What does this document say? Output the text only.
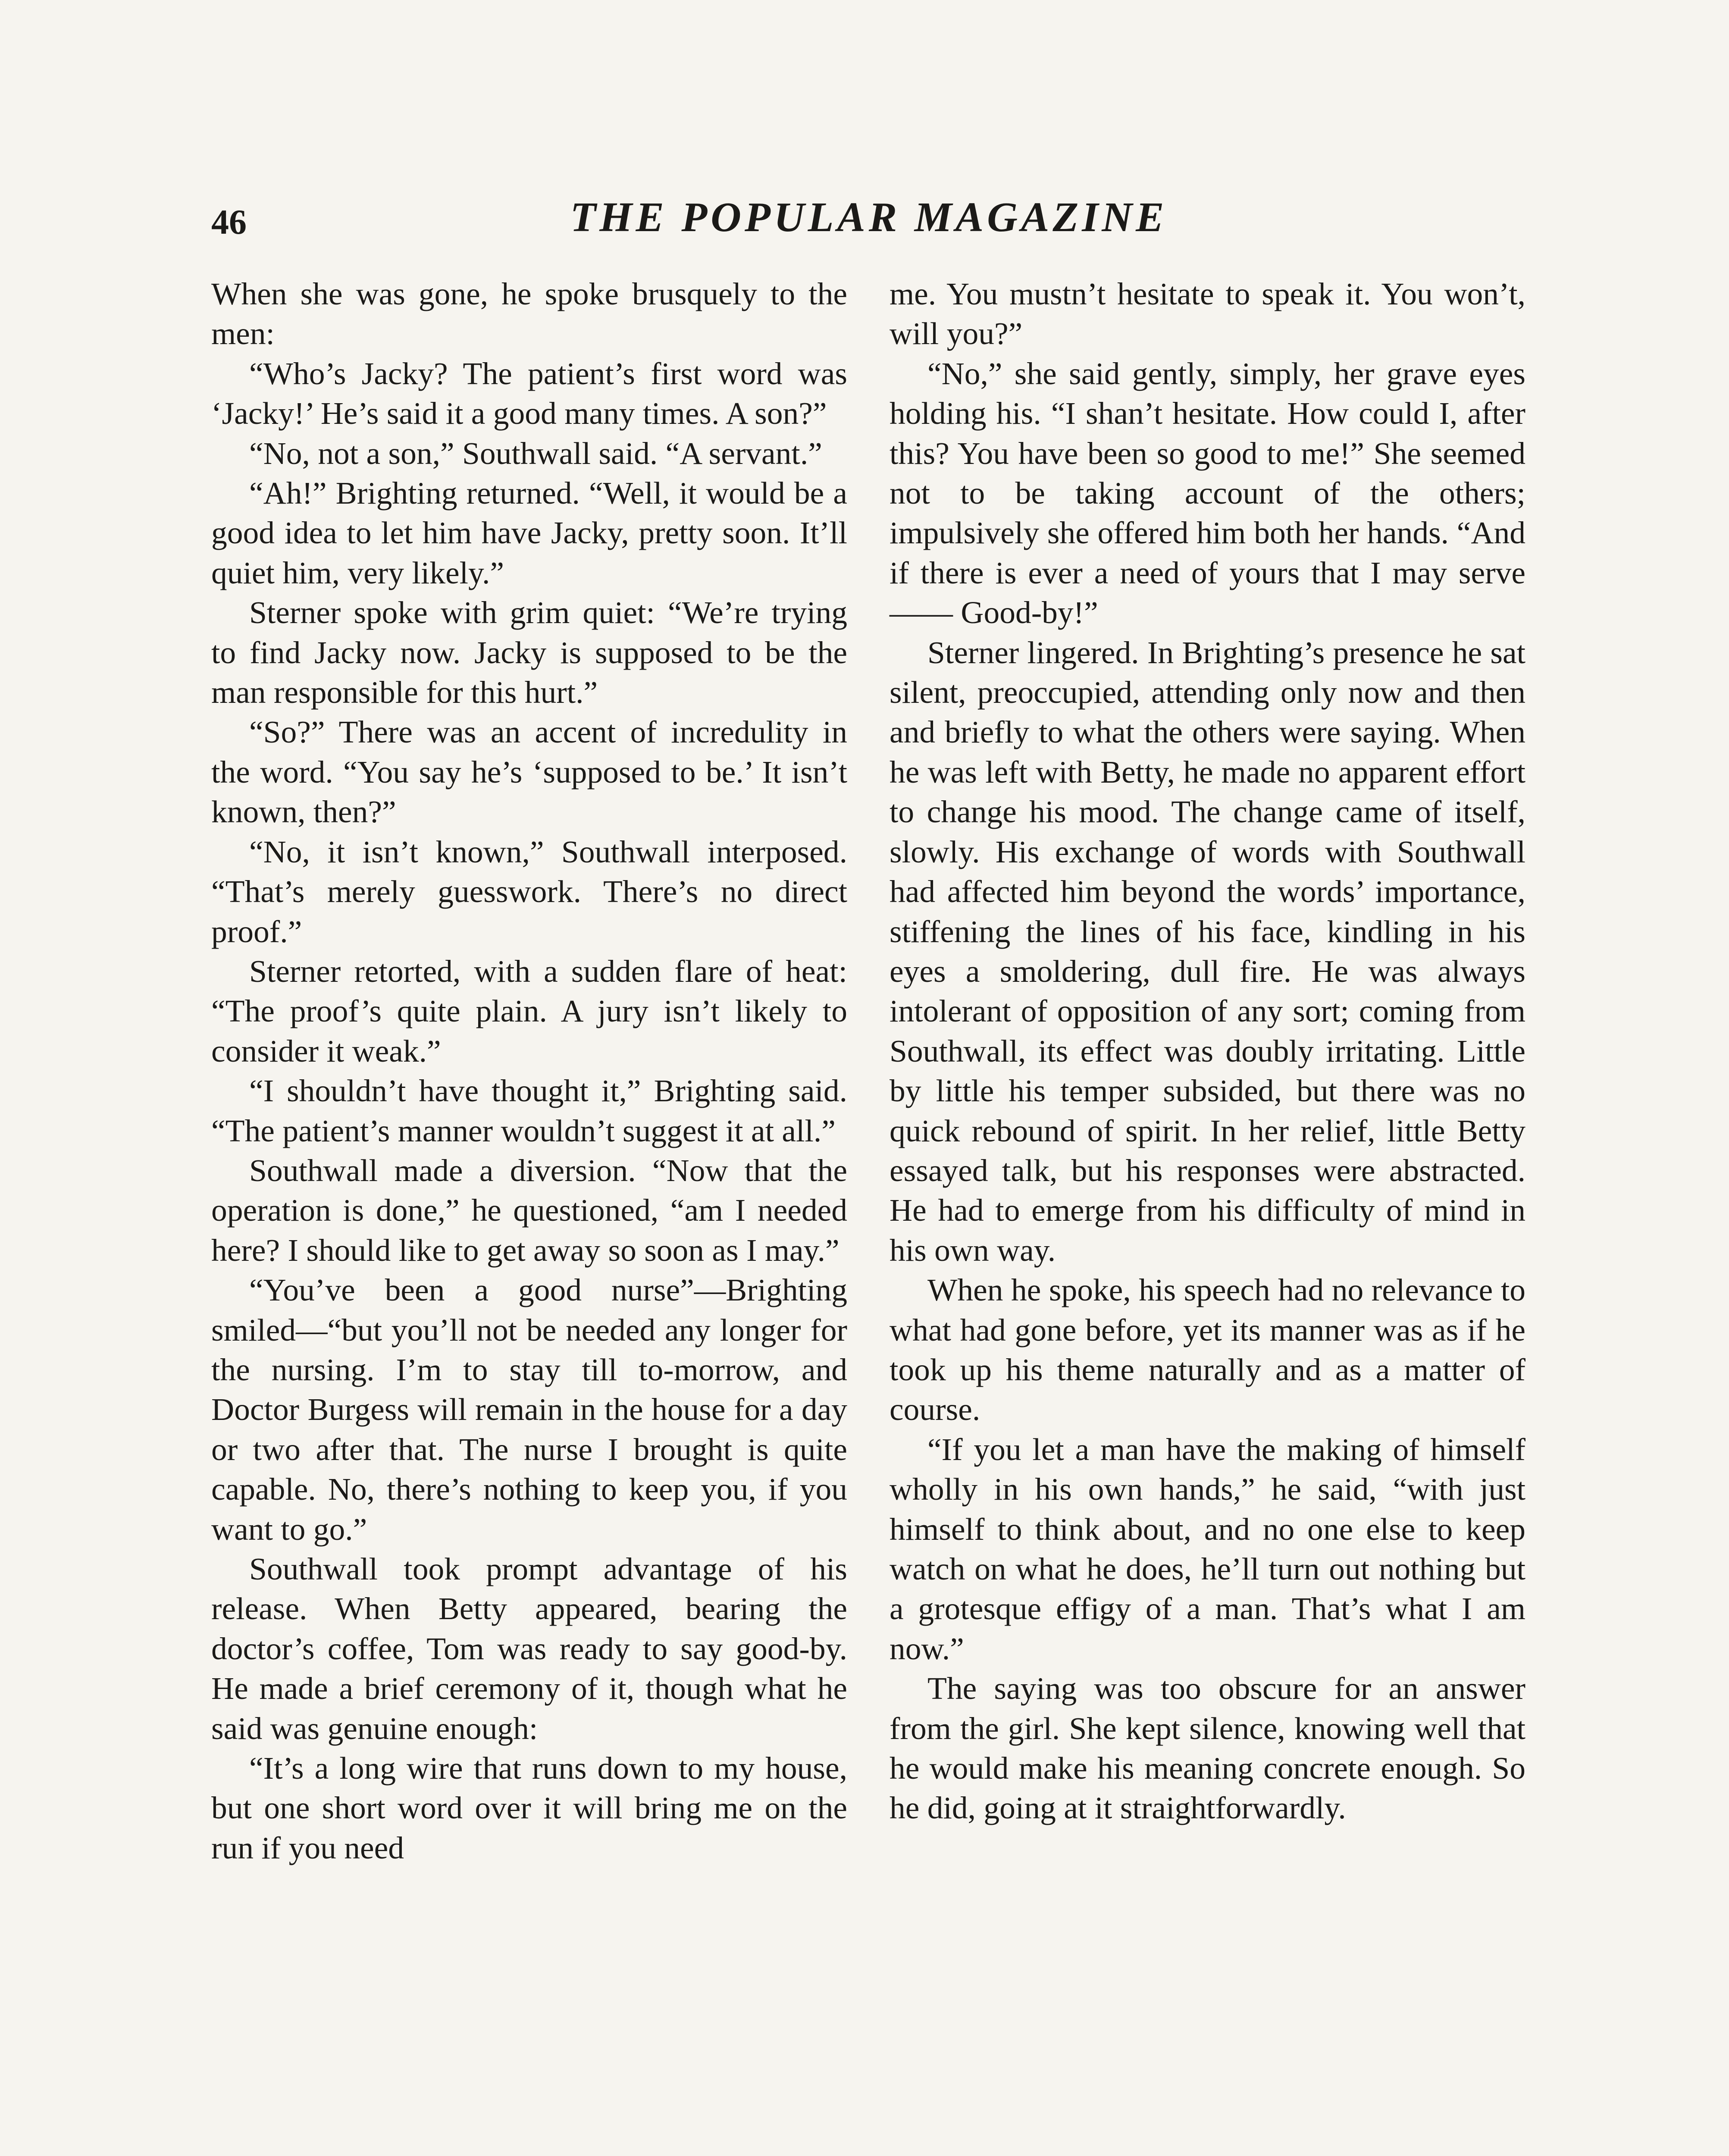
46	THE POPULAR MAGAZINE

When she was gone, he spoke brusquely to the men:

“Who’s Jacky? The patient’s first word was ‘Jacky!’ He’s said it a good many times. A son?”

“No, not a son,” Southwall said. “A servant.”

“Ah!” Brighting returned. “Well, it would be a good idea to let him have Jacky, pretty soon. It’ll quiet him, very likely.”

Sterner spoke with grim quiet: “We’re trying to find Jacky now. Jacky is supposed to be the man responsible for this hurt.”

“So?” There was an accent of incredulity in the word. “You say he’s ‘supposed to be.’ It isn’t known, then?”

“No, it isn’t known,” Southwall interposed. “That’s merely guesswork. There’s no direct proof.”

Sterner retorted, with a sudden flare of heat: “The proof’s quite plain. A jury isn’t likely to consider it weak.”

“I shouldn’t have thought it,” Brighting said. “The patient’s manner wouldn’t suggest it at all.”

Southwall made a diversion. “Now that the operation is done,” he questioned, “am I needed here? I should like to get away so soon as I may.”

“You’ve been a good nurse”—Brighting smiled—“but you’ll not be needed any longer for the nursing. I’m to stay till to-morrow, and Doctor Burgess will remain in the house for a day or two after that. The nurse I brought is quite capable. No, there’s nothing to keep you, if you want to go.”

Southwall took prompt advantage of his release. When Betty appeared, bearing the doctor’s coffee, Tom was ready to say good-by. He made a brief ceremony of it, though what he said was genuine enough:

“It’s a long wire that runs down to my house, but one short word over it will bring me on the run if you need

me. You mustn’t hesitate to speak it. You won’t, will you?”

“No,” she said gently, simply, her grave eyes holding his. “I shan’t hesitate. How could I, after this? You have been so good to me!” She seemed not to be taking account of the others; impulsively she offered him both her hands. “And if there is ever a need of yours that I may serve—— Good-by!”

Sterner lingered. In Brighting’s presence he sat silent, preoccupied, attending only now and then and briefly to what the others were saying. When he was left with Betty, he made no apparent effort to change his mood. The change came of itself, slowly. His exchange of words with Southwall had affected him beyond the words’ importance, stiffening the lines of his face, kindling in his eyes a smoldering, dull fire. He was always intolerant of opposition of any sort; coming from Southwall, its effect was doubly irritating. Little by little his temper subsided, but there was no quick rebound of spirit. In her relief, little Betty essayed talk, but his responses were abstracted. He had to emerge from his difficulty of mind in his own way.

When he spoke, his speech had no relevance to what had gone before, yet its manner was as if he took up his theme naturally and as a matter of course.

“If you let a man have the making of himself wholly in his own hands,” he said, “with just himself to think about, and no one else to keep watch on what he does, he’ll turn out nothing but a grotesque effigy of a man. That’s what I am now.”

The saying was too obscure for an answer from the girl. She kept silence, knowing well that he would make his meaning concrete enough. So he did, going at it straightforwardly.
